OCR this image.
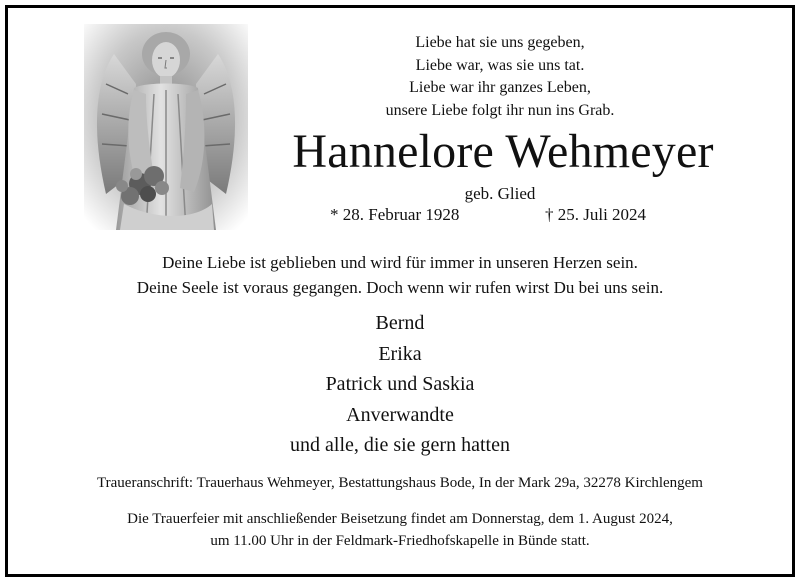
Liebe hat sie uns gegeben,
Liebe war, was sie uns tat.
Liebe war ihr ganzes Leben,
unsere Liebe folgt ihr nun ins Grab.
Hannelore Wehmeyer
geb. Glied
* 28. Februar 1928	† 25. Juli 2024
Deine Liebe ist geblieben und wird für immer in unseren Herzen sein.
Deine Seele ist voraus gegangen. Doch wenn wir rufen wirst Du bei uns sein.
Bernd
Erika
Patrick und Saskia
Anverwandte
und alle, die sie gern hatten
Traueranschrift: Trauerhaus Wehmeyer, Bestattungshaus Bode, In der Mark 29a, 32278 Kirchlengem
Die Trauerfeier mit anschließender Beisetzung findet am Donnerstag, dem 1. August 2024,
um 11.00 Uhr in der Feldmark-Friedhofskapelle in Bünde statt.
